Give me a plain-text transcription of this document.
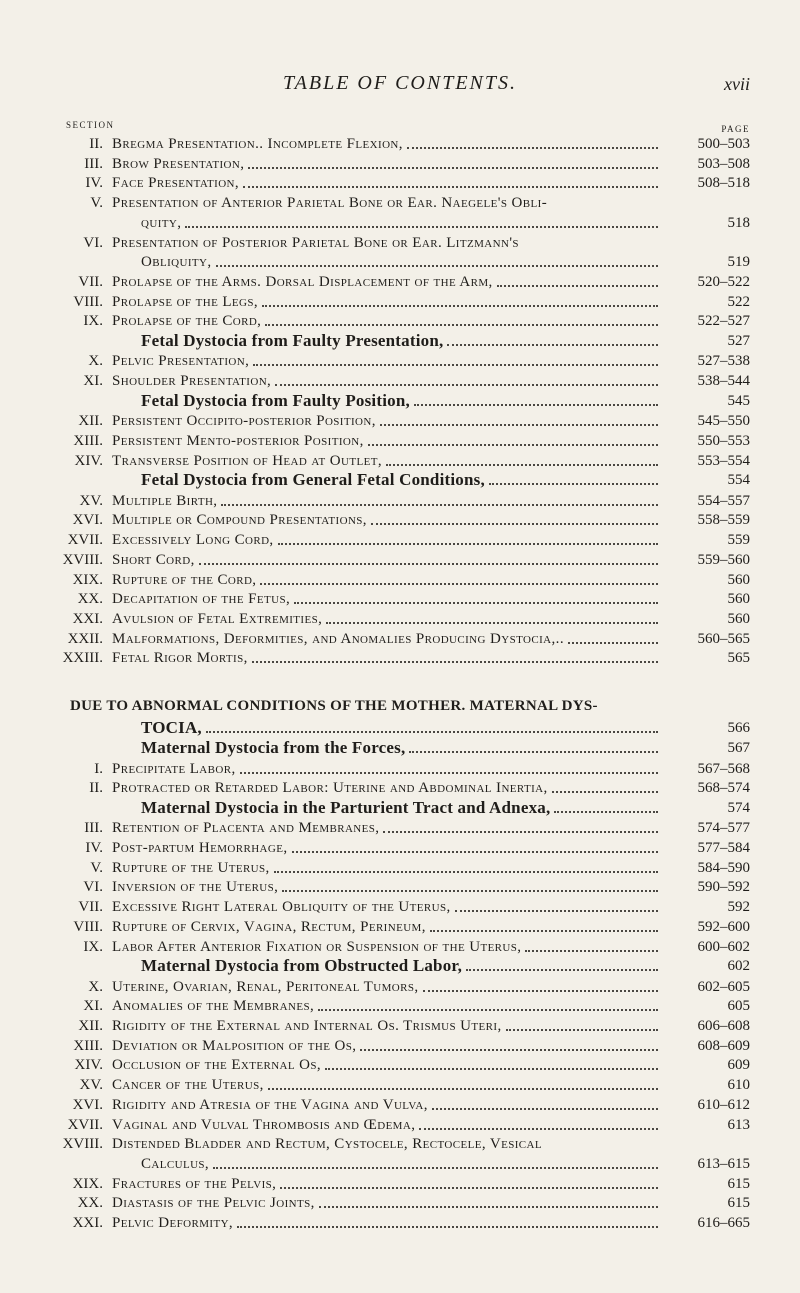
TABLE OF CONTENTS.	xvii
SECTION	PAGE
II. Bregma Presentation.. Incomplete Flexion,	500–503
III. Brow Presentation,	503–508
IV. Face Presentation,	508–518
V. Presentation of Anterior Parietal Bone or Ear. Naegele's Obli-
quity,	518
VI. Presentation of Posterior Parietal Bone or Ear. Litzmann's
Obliquity,	519
VII. Prolapse of the Arms. Dorsal Displacement of the Arm,	520–522
VIII. Prolapse of the Legs,	522
IX. Prolapse of the Cord,	522–527
Fetal Dystocia from Faulty Presentation,	527
X. Pelvic Presentation,	527–538
XI. Shoulder Presentation,	538–544
Fetal Dystocia from Faulty Position,	545
XII. Persistent Occipito-posterior Position,	545–550
XIII. Persistent Mento-posterior Position,	550–553
XIV. Transverse Position of Head at Outlet,	553–554
Fetal Dystocia from General Fetal Conditions,	554
XV. Multiple Birth,	554–557
XVI. Multiple or Compound Presentations,	558–559
XVII. Excessively Long Cord,	559
XVIII. Short Cord,	559–560
XIX. Rupture of the Cord,	560
XX. Decapitation of the Fetus,	560
XXI. Avulsion of Fetal Extremities,	560
XXII. Malformations, Deformities, and Anomalies Producing Dystocia,..	560–565
XXIII. Fetal Rigor Mortis,	565
DUE TO ABNORMAL CONDITIONS OF THE MOTHER. MATERNAL DYS-
TOCIA,	566
Maternal Dystocia from the Forces,	567
I. Precipitate Labor,	567–568
II. Protracted or Retarded Labor: Uterine and Abdominal Inertia,	568–574
Maternal Dystocia in the Parturient Tract and Adnexa,	574
III. Retention of Placenta and Membranes,	574–577
IV. Post-partum Hemorrhage,	577–584
V. Rupture of the Uterus,	584–590
VI. Inversion of the Uterus,	590–592
VII. Excessive Right Lateral Obliquity of the Uterus,	592
VIII. Rupture of Cervix, Vagina, Rectum, Perineum,	592–600
IX. Labor After Anterior Fixation or Suspension of the Uterus,	600–602
Maternal Dystocia from Obstructed Labor,	602
X. Uterine, Ovarian, Renal, Peritoneal Tumors,	602–605
XI. Anomalies of the Membranes,	605
XII. Rigidity of the External and Internal Os. Trismus Uteri,	606–608
XIII. Deviation or Malposition of the Os,	608–609
XIV. Occlusion of the External Os,	609
XV. Cancer of the Uterus,	610
XVI. Rigidity and Atresia of the Vagina and Vulva,	610–612
XVII. Vaginal and Vulval Thrombosis and Œdema,	613
XVIII. Distended Bladder and Rectum, Cystocele, Rectocele, Vesical
Calculus,	613–615
XIX. Fractures of the Pelvis,	615
XX. Diastasis of the Pelvic Joints,	615
XXI. Pelvic Deformity,	616–665
